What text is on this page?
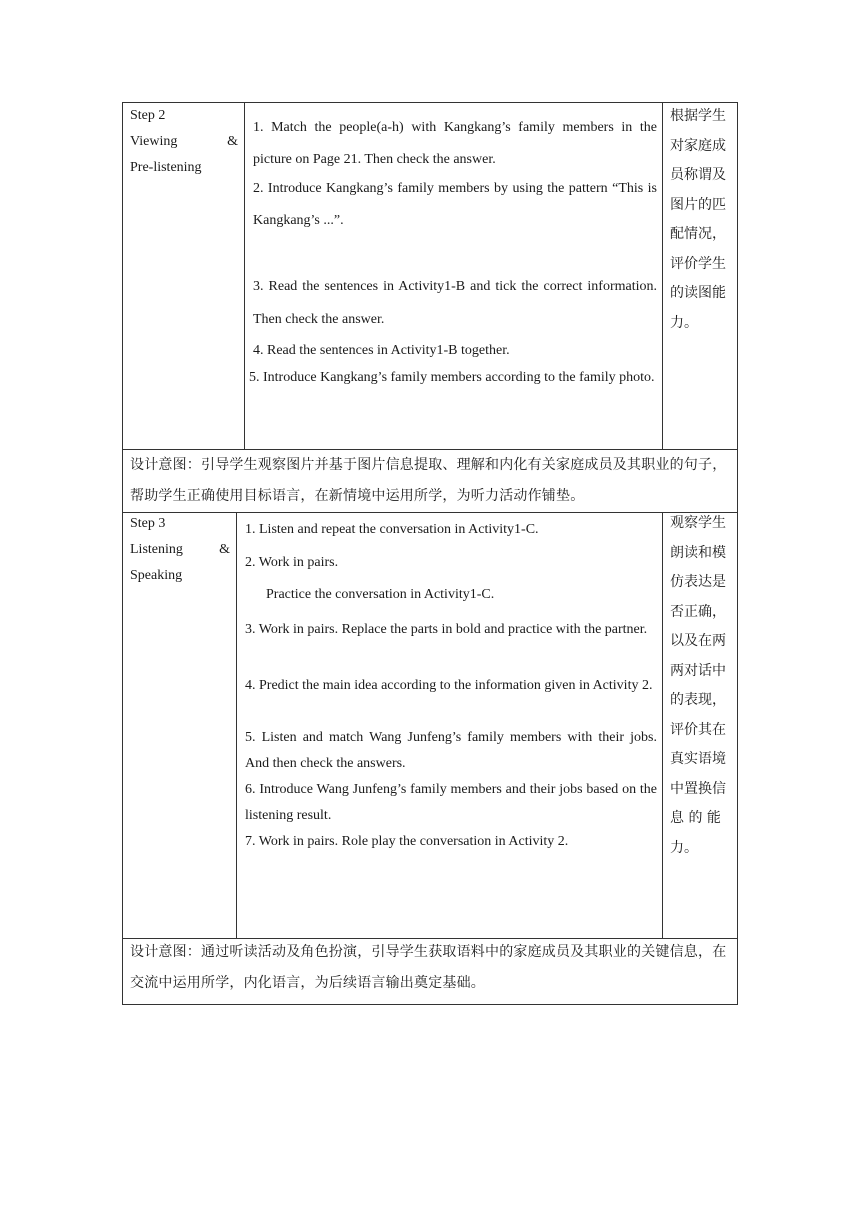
Step 2
Viewing	&
Pre-listening
1. Match the people(a-h) with Kangkang’s family members in the picture on Page 21. Then check the answer.
2. Introduce Kangkang’s family members by using the pattern “This is Kangkang’s ...”.
3. Read the sentences in Activity1-B and tick the correct information. Then check the answer.
4. Read the sentences in Activity1-B together.
5. Introduce Kangkang’s family members according to the family photo.
根据学生
对家庭成
员称谓及
图片的匹
配情况，
评价学生
的读图能
力。
设计意图：引导学生观察图片并基于图片信息提取、理解和内化有关家庭成员及其职业的句子，
帮助学生正确使用目标语言，在新情境中运用所学，为听力活动作铺垫。
Step 3
Listening	&
Speaking
1. Listen and repeat the conversation in Activity1-C.
2. Work in pairs.
Practice the conversation in Activity1-C.
3. Work in pairs. Replace the parts in bold and practice with the partner.
4. Predict the main idea according to the information given in Activity 2.
5. Listen and match Wang Junfeng’s family members with their jobs. And then check the answers.
6. Introduce Wang Junfeng’s family members and their jobs based on the listening result.
7. Work in pairs. Role play the conversation in Activity 2.
观察学生
朗读和模
仿表达是
否正确，
以及在两
两对话中
的表现，
评价其在
真实语境
中置换信
息 的 能
力。
设计意图：通过听读活动及角色扮演，引导学生获取语料中的家庭成员及其职业的关键信息，在
交流中运用所学，内化语言，为后续语言输出奠定基础。
